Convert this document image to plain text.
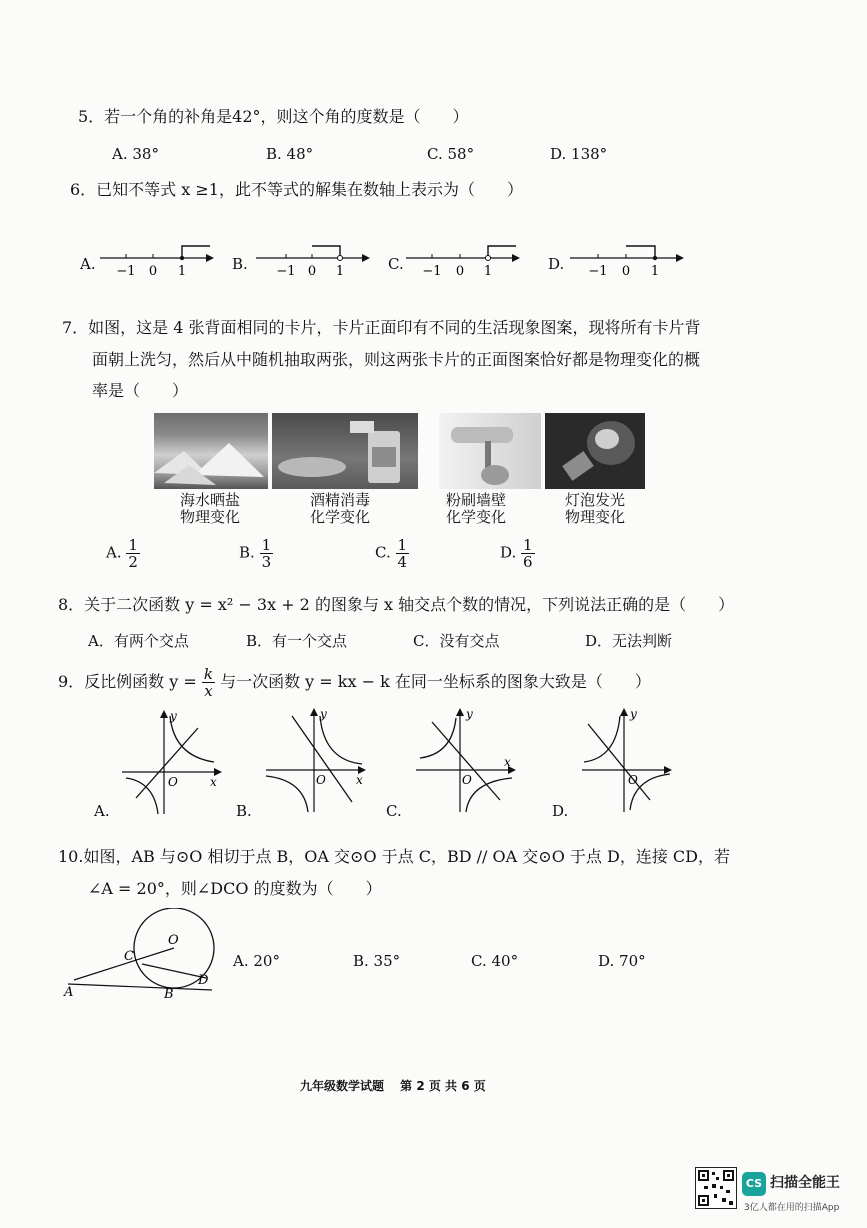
5．若一个角的补角是42°，则这个角的度数是（　　）
A. 38°	B. 48°	C. 58°	D. 138°
6．已知不等式 x ≥1，此不等式的解集在数轴上表示为（　　）
A. −1 0 1	B. −1 0 1	C. −1 0 1	D. −1 0 1
7．如图，这是 4 张背面相同的卡片，卡片正面印有不同的生活现象图案，现将所有卡片背
面朝上洗匀，然后从中随机抽取两张，则这两张卡片的正面图案恰好都是物理变化的概
率是（　　）
海水晒盐
物理变化
酒精消毒
化学变化
粉刷墙壁
化学变化
灯泡发光
物理变化
A. $\frac{1}{2}$	B. $\frac{1}{3}$	C. $\frac{1}{4}$	D. $\frac{1}{6}$
8．关于二次函数 y = x² − 3x + 2 的图象与 x 轴交点个数的情况，下列说法正确的是（　　）
A．有两个交点	B．有一个交点	C．没有交点	D．无法判断
9．反比例函数 $y = \frac{k}{x}$ 与一次函数 y = kx − k 在同一坐标系的图象大致是（　　）
y
x
O
A.
y
x
O
B.
y
x
O
C.
y
O
D.
10.如图，AB 与⊙O 相切于点 B，OA 交⊙O 于点 C，BD // OA 交⊙O 于点 D，连接 CD，若
∠A = 20°，则∠DCO 的度数为（　　）
O
C
A	B
D
A. 20°	B. 35°	C. 40°	D. 70°
九年级数学试题　 第 2 页 共 6 页
CS 扫描全能王
3亿人都在用的扫描App
